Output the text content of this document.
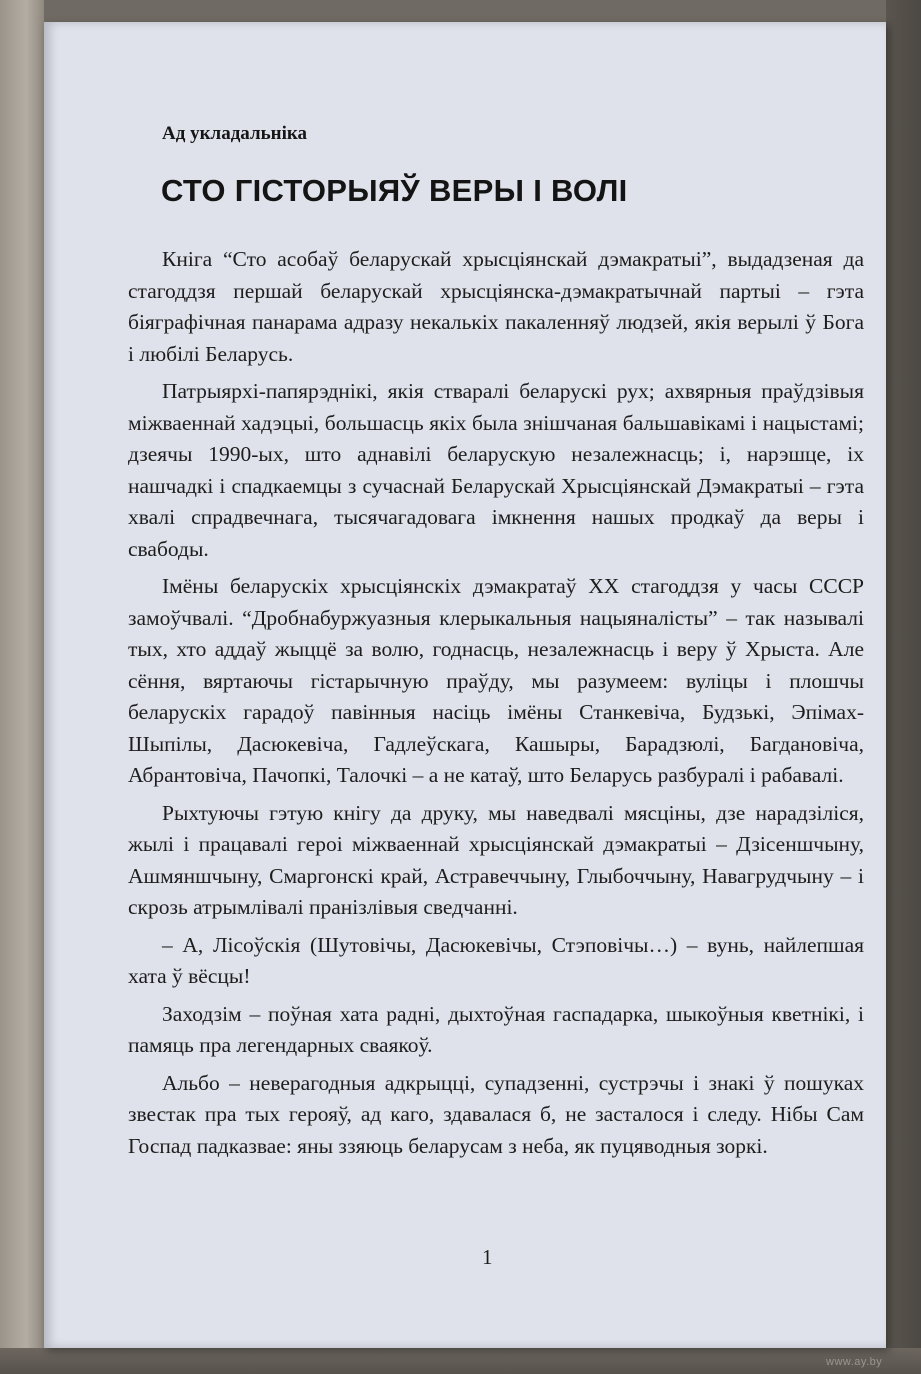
Ад укладальніка
СТО ГІСТОРЫЯЎ ВЕРЫ І ВОЛІ

Кніга “Сто асобаў беларускай хрысціянскай дэмакратыі”, выдадзеная да стагоддзя першай беларускай хрысціянска-дэмакратычнай партыі – гэта біяграфічная панарама адразу некалькіх пакаленняў людзей, якія верылі ў Бога і любілі Беларусь.

Патрыярхі-папярэднікі, якія стваралі беларускі рух; ахвярныя праўдзівыя міжваеннай хадэцыі, большасць якіх была знішчаная бальшавікамі і нацыстамі; дзеячы 1990-ых, што аднавілі беларускую незалежнасць; і, нарэшце, іх нашчадкі і спадкаемцы з сучаснай Беларускай Хрысціянскай Дэмакратыі – гэта хвалі спрадвечнага, тысячагадовага імкнення нашых продкаў да веры і свабоды.

Імёны беларускіх хрысціянскіх дэмакратаў ХХ стагоддзя у часы СССР замоўчвалі. “Дробнабуржуазныя клерыкальныя нацыяналісты” – так называлі тых, хто аддаў жыццё за волю, годнасць, незалежнасць і веру ў Хрыста. Але сёння, вяртаючы гістарычную праўду, мы разумеем: вуліцы і плошчы беларускіх гарадоў павінныя насіць імёны Станкевіча, Будзькі, Эпімах-Шыпілы, Дасюкевіча, Гадлеўскага, Кашыры, Барадзюлі, Багдановіча, Абрантовіча, Пачопкі, Талочкі – а не катаў, што Беларусь разбуралі і рабавалі.

Рыхтуючы гэтую кнігу да друку, мы наведвалі мясціны, дзе нарадзіліся, жылі і працавалі героі міжваеннай хрысціянскай дэмакратыі – Дзісеншчыну, Ашмяншчыну, Смаргонскі край, Астравеччыну, Глыбоччыну, Навагрудчыну – і скрозь атрымлівалі пранізлівыя сведчанні.

– А, Лісоўскія (Шутовічы, Дасюкевічы, Стэповічы…) – вунь, найлепшая хата ў вёсцы!

Заходзім – поўная хата радні, дыхтоўная гаспадарка, шыкоўныя кветнікі, і памяць пра легендарных сваякоў.

Альбо – неверагодныя адкрыцці, супадзенні, сустрэчы і знакі ў пошуках звестак пра тых герояў, ад каго, здавалася б, не засталося і следу. Нібы Сам Госпад падказвае: яны ззяюць беларусам з неба, як пуцяводныя зоркі.

1
www.ay.by
